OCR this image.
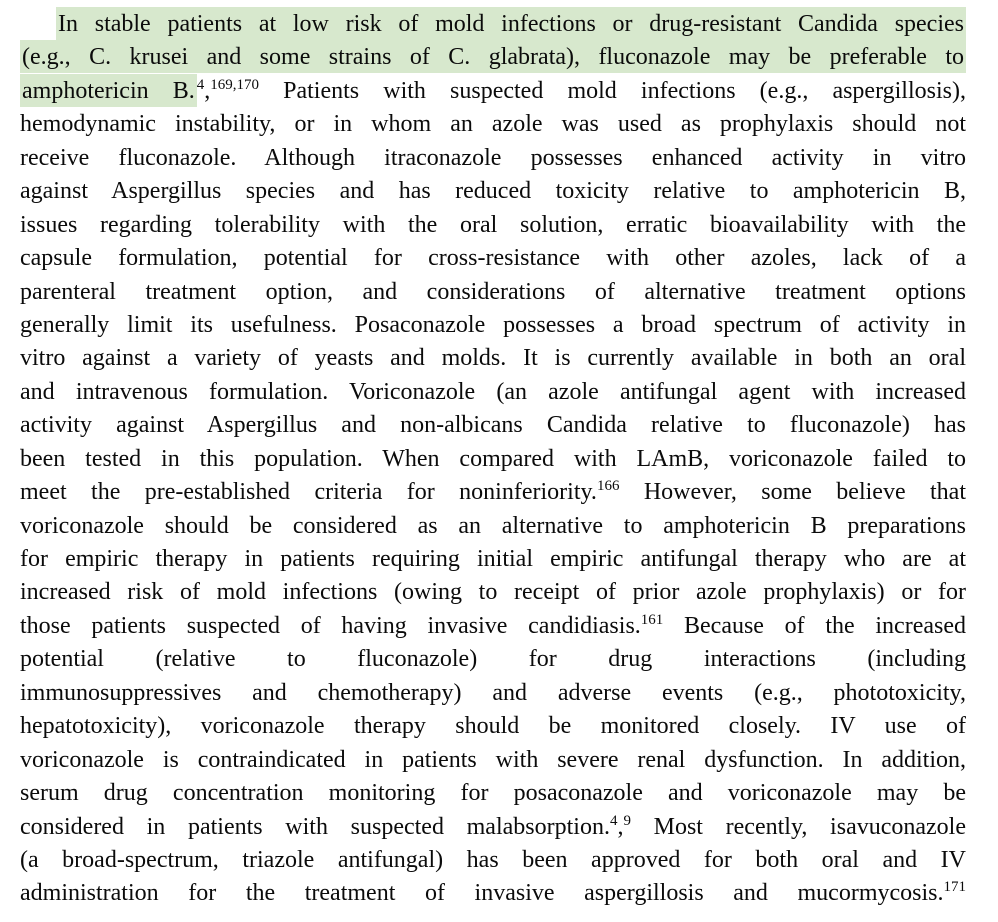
In stable patients at low risk of mold infections or drug-resistant Candida species
(e.g., C. krusei and some strains of C. glabrata), fluconazole may be preferable to
amphotericin B. $^4$,$^{169,170}$ Patients with suspected mold infections (e.g., aspergillosis),
hemodynamic instability, or in whom an azole was used as prophylaxis should not
receive fluconazole. Although itraconazole possesses enhanced activity in vitro
against Aspergillus species and has reduced toxicity relative to amphotericin B,
issues regarding tolerability with the oral solution, erratic bioavailability with the
capsule formulation, potential for cross-resistance with other azoles, lack of a
parenteral treatment option, and considerations of alternative treatment options
generally limit its usefulness. Posaconazole possesses a broad spectrum of activity in
vitro against a variety of yeasts and molds. It is currently available in both an oral
and intravenous formulation. Voriconazole (an azole antifungal agent with increased
activity against Aspergillus and non-albicans Candida relative to fluconazole) has
been tested in this population. When compared with LAmB, voriconazole failed to
meet the pre-established criteria for noninferiority.$^{166}$ However, some believe that
voriconazole should be considered as an alternative to amphotericin B preparations
for empiric therapy in patients requiring initial empiric antifungal therapy who are at
increased risk of mold infections (owing to receipt of prior azole prophylaxis) or for
those patients suspected of having invasive candidiasis.$^{161}$ Because of the increased
potential (relative to fluconazole) for drug interactions (including
immunosuppressives and chemotherapy) and adverse events (e.g., phototoxicity,
hepatotoxicity), voriconazole therapy should be monitored closely. IV use of
voriconazole is contraindicated in patients with severe renal dysfunction. In addition,
serum drug concentration monitoring for posaconazole and voriconazole may be
considered in patients with suspected malabsorption.$^4$,$^9$ Most recently, isavuconazole
(a broad-spectrum, triazole antifungal) has been approved for both oral and IV
administration for the treatment of invasive aspergillosis and mucormycosis.$^{171}$
